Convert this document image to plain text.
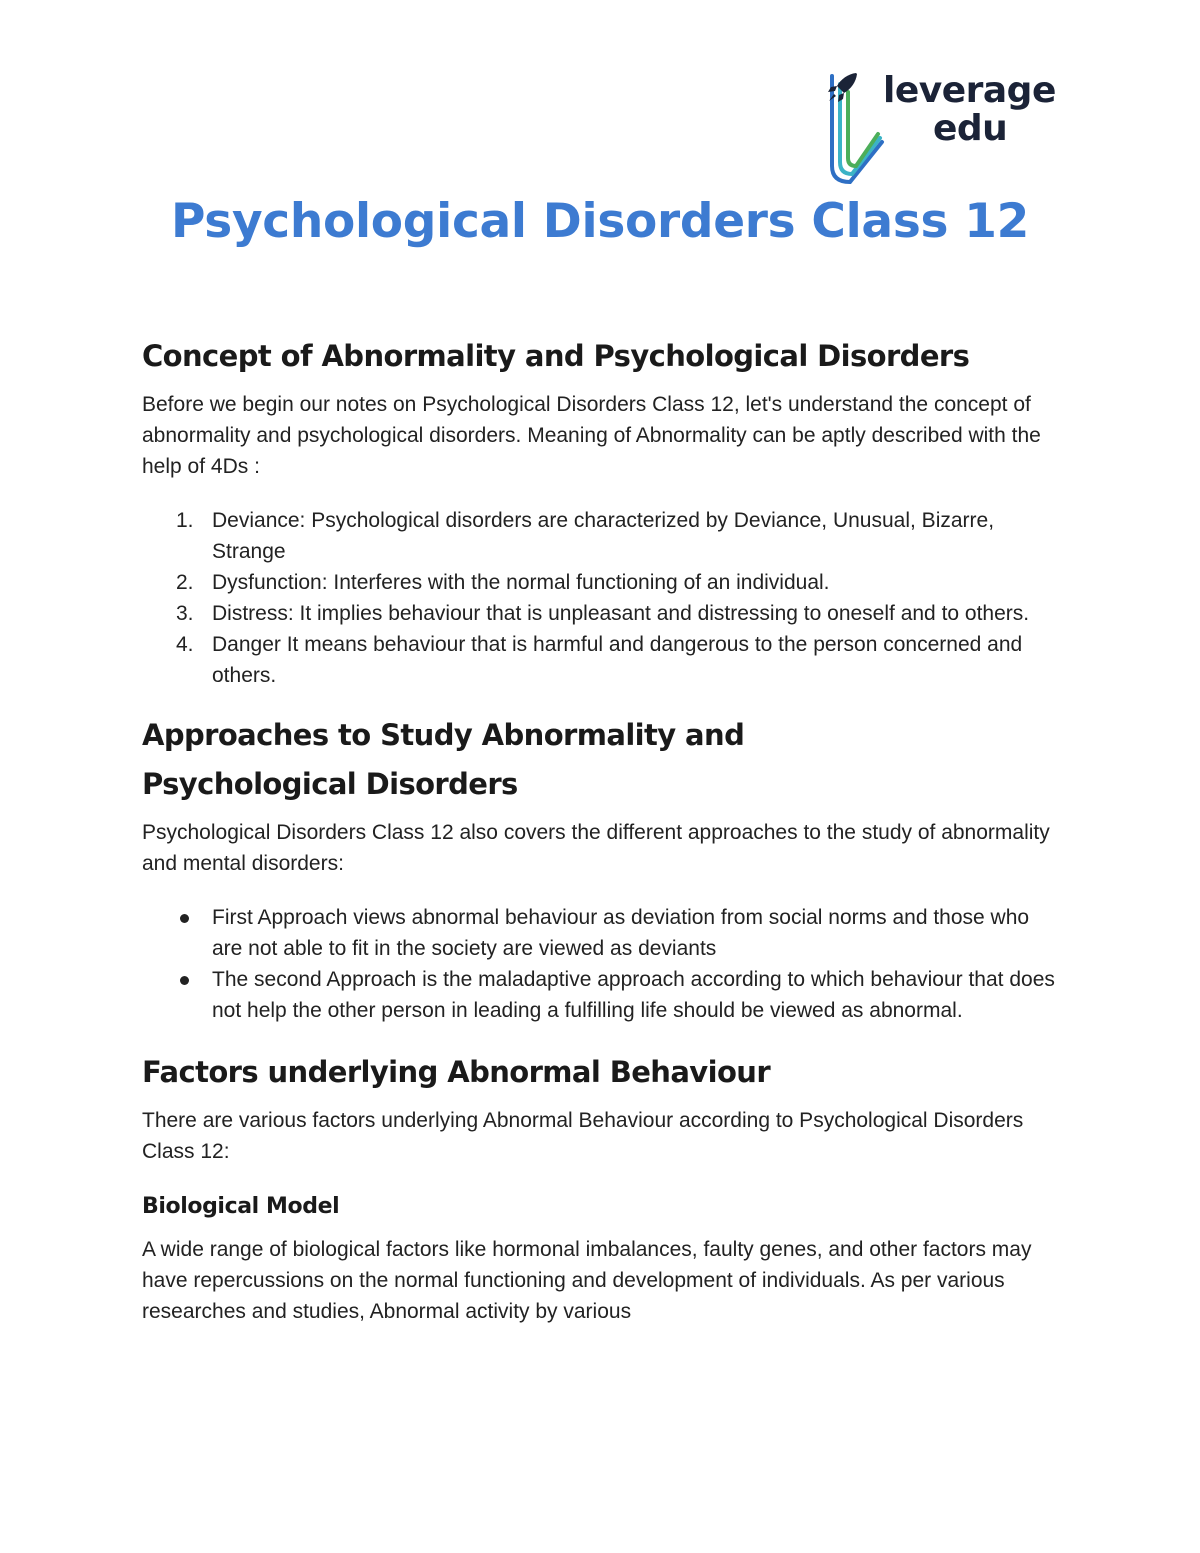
leverage
edu
Psychological Disorders Class 12
Concept of Abnormality and Psychological Disorders

Before we begin our notes on Psychological Disorders Class 12, let's understand the concept of abnormality and psychological disorders. Meaning of Abnormality can be aptly described with the help of 4Ds :

1. Deviance: Psychological disorders are characterized by Deviance, Unusual, Bizarre, Strange
2. Dysfunction: Interferes with the normal functioning of an individual.
3. Distress: It implies behaviour that is unpleasant and distressing to oneself and to others.
4. Danger It means behaviour that is harmful and dangerous to the person concerned and others.
Approaches to Study Abnormality and Psychological Disorders

Psychological Disorders Class 12 also covers the different approaches to the study of abnormality and mental disorders:

First Approach views abnormal behaviour as deviation from social norms and those who are not able to fit in the society are viewed as deviants
The second Approach is the maladaptive approach according to which behaviour that does not help the other person in leading a fulfilling life should be viewed as abnormal.
Factors underlying Abnormal Behaviour

There are various factors underlying Abnormal Behaviour according to Psychological Disorders Class 12:

Biological Model

A wide range of biological factors like hormonal imbalances, faulty genes, and other factors may have repercussions on the normal functioning and development of individuals. As per various researches and studies, Abnormal activity by various
